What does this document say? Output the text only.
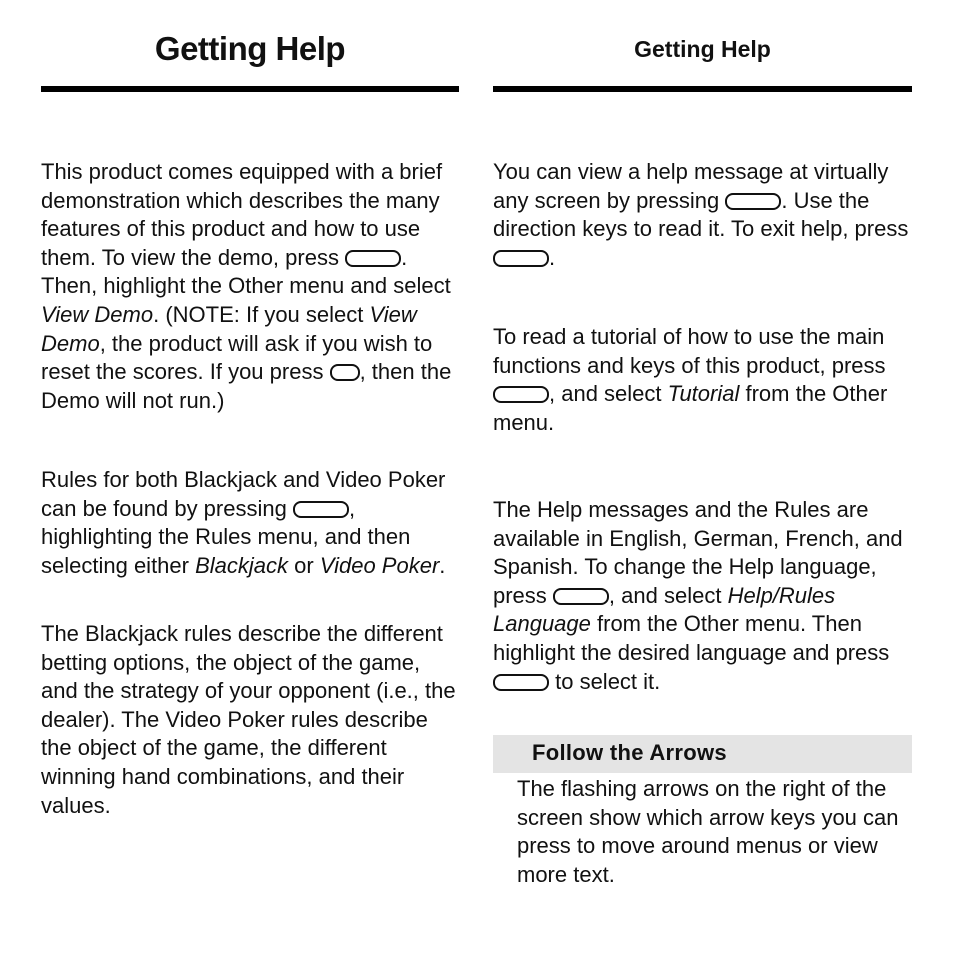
Getting Help

This product comes equipped with a brief demonstration which describes the many features of this product and how to use them. To view the demo, press	. Then, highlight the Other menu and select View Demo. (NOTE: If you select View Demo, the product will ask if you wish to reset the scores. If you press , then the Demo will not run.)

Rules for both Blackjack and Video Poker can be found by pressing	, highlighting the Rules menu, and then selecting either Blackjack or Video Poker.

The Blackjack rules describe the different betting options, the object of the game, and the strategy of your opponent (i.e., the dealer). The Video Poker rules describe the object of the game, the different winning hand combinations, and their values.

Getting Help

You can view a help message at virtually any screen by pressing	. Use the direction keys to read it. To exit help, press .

To read a tutorial of how to use the main functions and keys of this product, press , and select Tutorial from the Other menu.

The Help messages and the Rules are available in English, German, French, and Spanish. To change the Help language, press	, and select Help/Rules Language from the Other menu. Then highlight the desired language and press  to select it.

Follow the Arrows

The flashing arrows on the right of the screen show which arrow keys you can press to move around menus or view more text.
